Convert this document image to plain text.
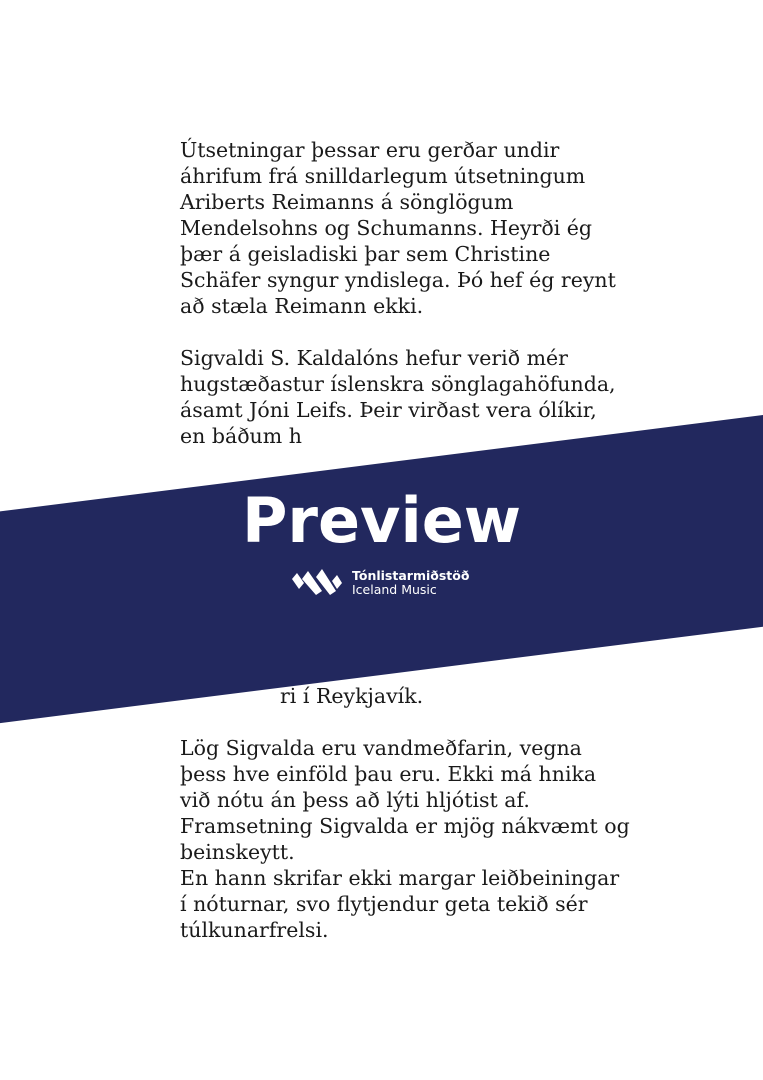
Útsetningar þessar eru gerðar undir
áhrifum frá snilldarlegum útsetningum
Ariberts Reimanns á sönglögum
Mendelsohns og Schumanns. Heyrði ég
þær á geisladiski þar sem Christine
Schäfer syngur yndislega. Þó hef ég reynt
að stæla Reimann ekki.

Sigvaldi S. Kaldalóns hefur verið mér
hugstæðastur íslenskra sönglagahöfunda,
ásamt Jóni Leifs. Þeir virðast vera ólíkir,
en báðum h

ri í Reykjavík.

Lög Sigvalda eru vandmeðfarin, vegna
þess hve einföld þau eru. Ekki má hnika
við nótu án þess að lýti hljótist af.
Framsetning Sigvalda er mjög nákvæmt og
beinskeytt.
En hann skrifar ekki margar leiðbeiningar
í nóturnar, svo flytjendur geta tekið sér
túlkunarfrelsi.

Preview
Tónlistarmiðstöð
Iceland Music
